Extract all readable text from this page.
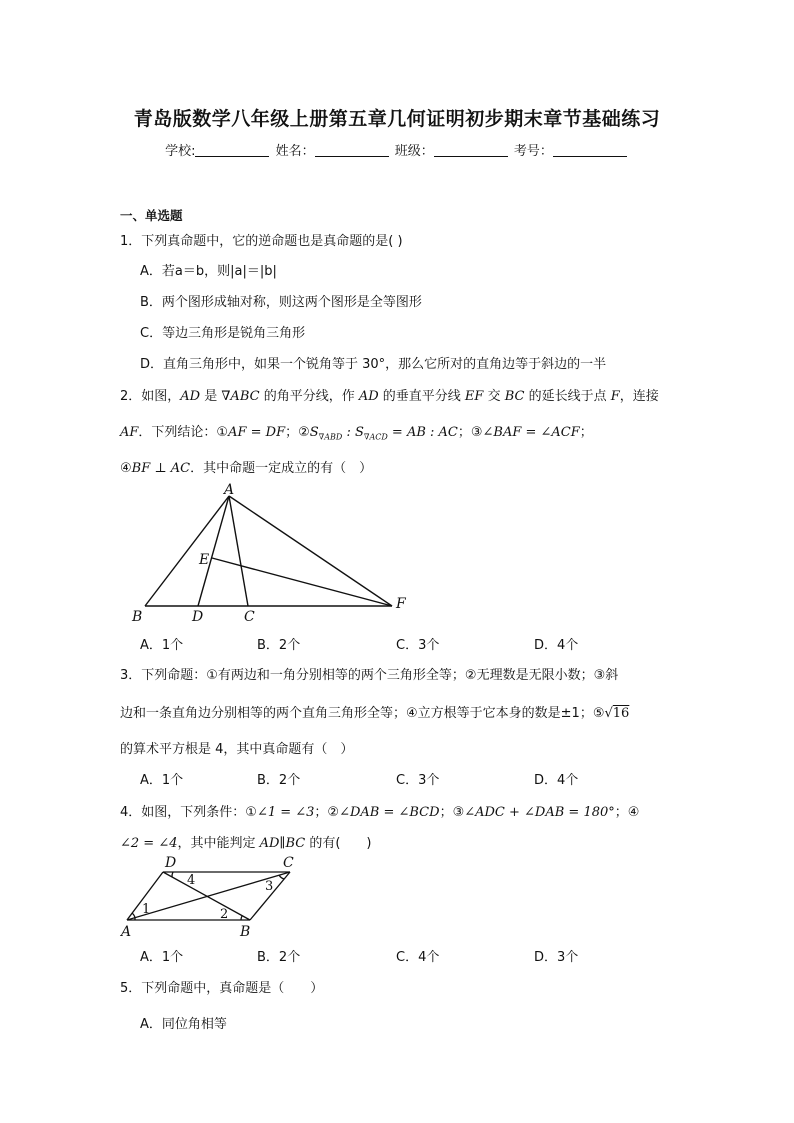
青岛版数学八年级上册第五章几何证明初步期末章节基础练习
学校:	姓名：	班级：	考号：
一、单选题
1．下列真命题中，它的逆命题也是真命题的是( )
A．若a＝b，则|a|＝|b|
B．两个图形成轴对称，则这两个图形是全等图形
C．等边三角形是锐角三角形
D．直角三角形中，如果一个锐角等于 30°，那么它所对的直角边等于斜边的一半
2．如图，AD 是 ∇ABC 的角平分线，作 AD 的垂直平分线 EF 交 BC 的延长线于点 F，连接
AF．下列结论：①AF = DF；$②S_{\nabla ABD}$ : $S_{\nabla ACD}$ = AB : AC；③∠BAF = ∠ACF；
④BF ⊥ AC．其中命题一定成立的有（　）
A
B	C
D
E
F
A．1个	B．2个	C．3个	D．4个
3．下列命题：①有两边和一角分别相等的两个三角形全等；②无理数是无限小数；③斜
边和一条直角边分别相等的两个直角三角形全等；④立方根等于它本身的数是±1；⑤√16
的算术平方根是 4，其中真命题有（　）
A．1个	B．2个	C．3个	D．4个
4．如图，下列条件：①∠1 = ∠3；②∠DAB = ∠BCD；③∠ADC + ∠DAB = 180°；④
∠2 = ∠4，其中能判定 AD∥BC 的有(　　)
D	C
A	B
1	2
3
4
A．1个	B．2个	C．4个	D．3个
5．下列命题中，真命题是（　　）
A．同位角相等
